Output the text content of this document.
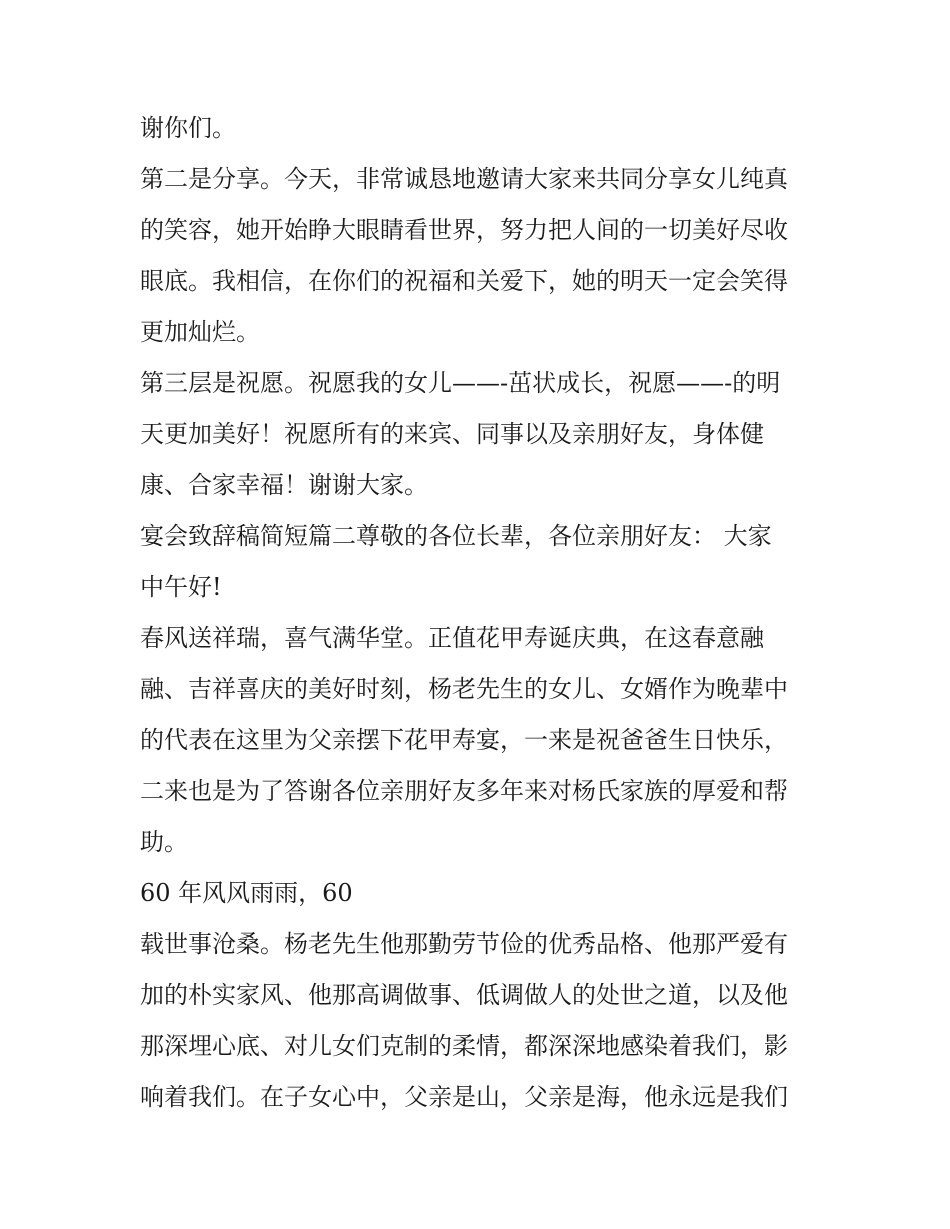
谢你们。
第二是分享。今天，非常诚恳地邀请大家来共同分享女儿纯真
的笑容，她开始睁大眼睛看世界，努力把人间的一切美好尽收
眼底。我相信，在你们的祝福和关爱下，她的明天一定会笑得
更加灿烂。
第三层是祝愿。祝愿我的女儿——-茁状成长，祝愿——-的明
天更加美好！祝愿所有的来宾、同事以及亲朋好友，身体健
康、合家幸福！谢谢大家。
宴会致辞稿简短篇二尊敬的各位长辈，各位亲朋好友： 大家
中午好!
春风送祥瑞，喜气满华堂。正值花甲寿诞庆典，在这春意融
融、吉祥喜庆的美好时刻，杨老先生的女儿、女婿作为晚辈中
的代表在这里为父亲摆下花甲寿宴，一来是祝爸爸生日快乐，
二来也是为了答谢各位亲朋好友多年来对杨氏家族的厚爱和帮
助。
60 年风风雨雨，60
载世事沧桑。杨老先生他那勤劳节俭的优秀品格、他那严爱有
加的朴实家风、他那高调做事、低调做人的处世之道，以及他
那深埋心底、对儿女们克制的柔情，都深深地感染着我们，影
响着我们。在子女心中，父亲是山，父亲是海，他永远是我们
